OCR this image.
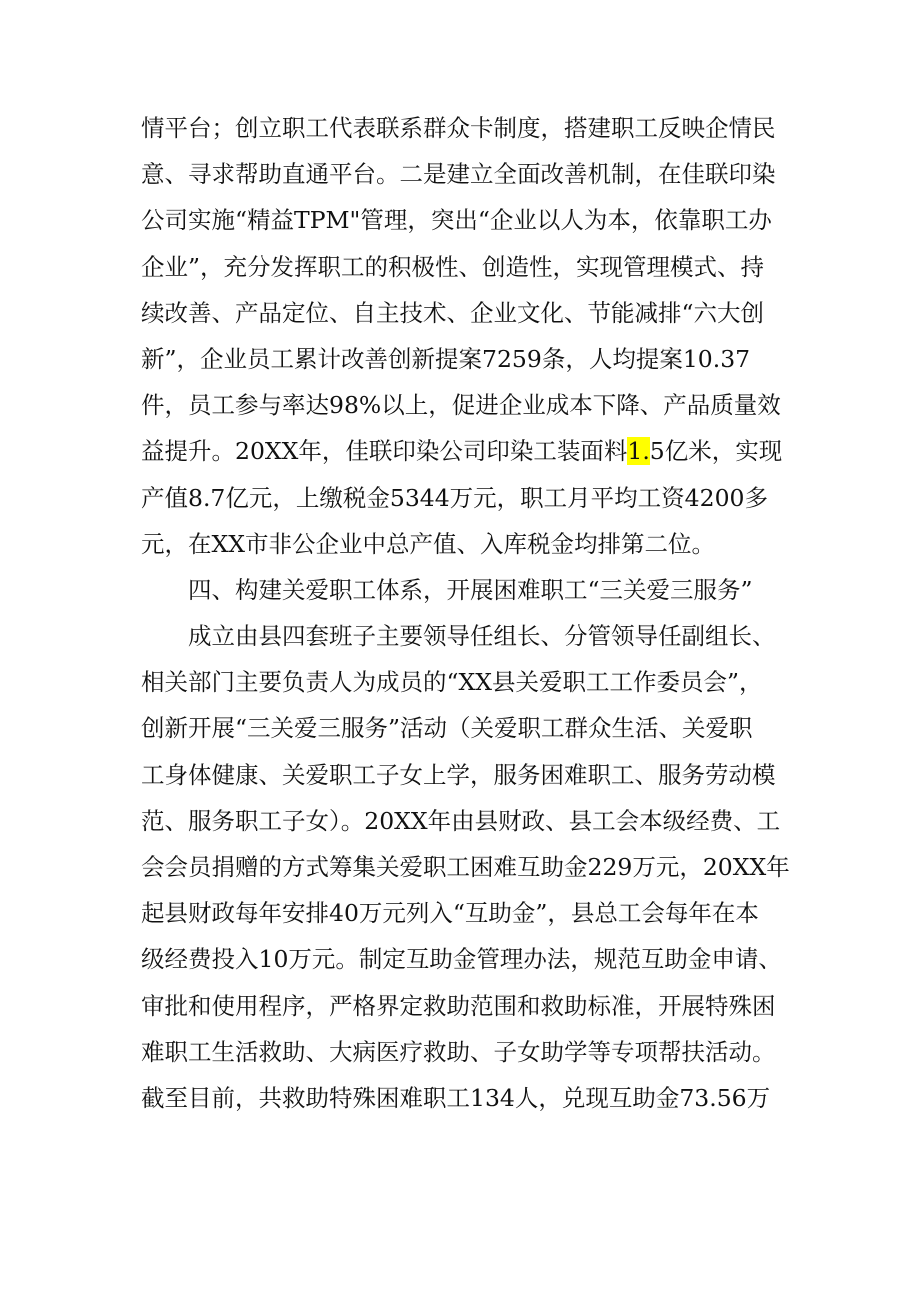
情平台；创立职工代表联系群众卡制度，搭建职工反映企情民
意、寻求帮助直通平台。二是建立全面改善机制，在佳联印染
公司实施“精益TPM"管理，突出“企业以人为本，依靠职工办
企业”，充分发挥职工的积极性、创造性，实现管理模式、持
续改善、产品定位、自主技术、企业文化、节能减排“六大创
新”，企业员工累计改善创新提案7259条，人均提案10.37
件，员工参与率达98%以上，促进企业成本下降、产品质量效
益提升。20XX年，佳联印染公司印染工装面料1.5亿米，实现
产值8.7亿元，上缴税金5344万元，职工月平均工资4200多
元，在XX市非公企业中总产值、入库税金均排第二位。
四、构建关爱职工体系，开展困难职工“三关爱三服务”
成立由县四套班子主要领导任组长、分管领导任副组长、
相关部门主要负责人为成员的“XX县关爱职工工作委员会”，
创新开展“三关爱三服务”活动（关爱职工群众生活、关爱职
工身体健康、关爱职工子女上学，服务困难职工、服务劳动模
范、服务职工子女）。20XX年由县财政、县工会本级经费、工
会会员捐赠的方式筹集关爱职工困难互助金229万元，20XX年
起县财政每年安排40万元列入“互助金”，县总工会每年在本
级经费投入10万元。制定互助金管理办法，规范互助金申请、
审批和使用程序，严格界定救助范围和救助标准，开展特殊困
难职工生活救助、大病医疗救助、子女助学等专项帮扶活动。
截至目前，共救助特殊困难职工134人，兑现互助金73.56万
